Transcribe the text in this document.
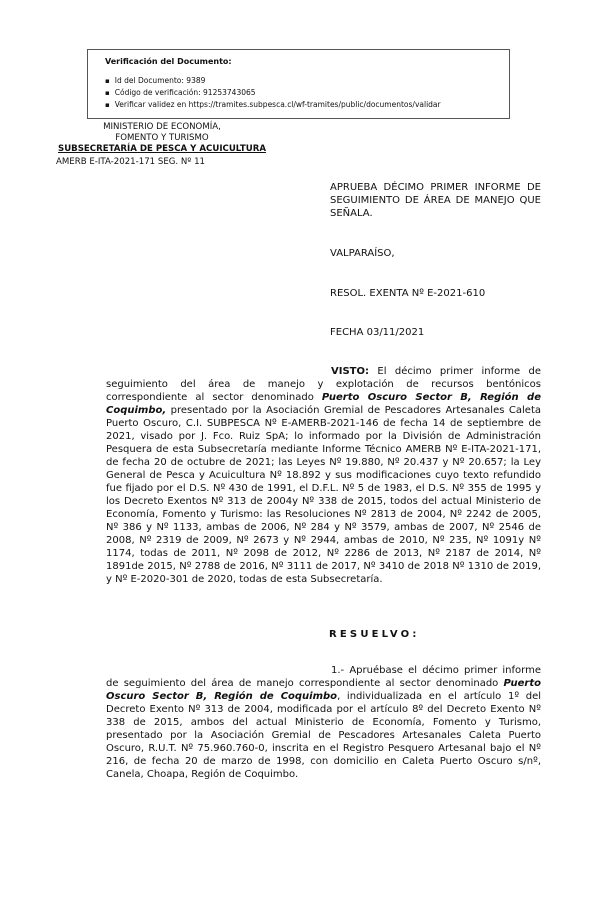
Verificación del Documento:

▪ Id del Documento: 9389
▪ Código de verificación: 91253743065
▪ Verificar validez en https://tramites.subpesca.cl/wf-tramites/public/documentos/validar
MINISTERIO DE ECONOMÍA,
FOMENTO Y TURISMO
SUBSECRETARÍA DE PESCA Y ACUICULTURA
AMERB E-ITA-2021-171 SEG. Nº 11
APRUEBA DÉCIMO PRIMER INFORME DE SEGUIMIENTO DE ÁREA DE MANEJO QUE SEÑALA.
VALPARAÍSO,
RESOL. EXENTA Nº E-2021-610
FECHA 03/11/2021
VISTO: El décimo primer informe de seguimiento del área de manejo y explotación de recursos bentónicos correspondiente al sector denominado Puerto Oscuro Sector B, Región de Coquimbo, presentado por la Asociación Gremial de Pescadores Artesanales Caleta Puerto Oscuro, C.I. SUBPESCA Nº E-AMERB-2021-146 de fecha 14 de septiembre de 2021, visado por J. Fco. Ruiz SpA; lo informado por la División de Administración Pesquera de esta Subsecretaría mediante Informe Técnico AMERB Nº E-ITA-2021-171, de fecha 20 de octubre de 2021; las Leyes Nº 19.880, Nº 20.437 y Nº 20.657; la Ley General de Pesca y Acuicultura Nº 18.892 y sus modificaciones cuyo texto refundido fue fijado por el D.S. Nº 430 de 1991, el D.F.L. Nº 5 de 1983, el D.S. Nº 355 de 1995 y los Decreto Exentos Nº 313 de 2004y Nº 338 de 2015, todos del actual Ministerio de Economía, Fomento y Turismo: las Resoluciones Nº 2813 de 2004, Nº 2242 de 2005, Nº 386 y Nº 1133, ambas de 2006, Nº 284 y Nº 3579, ambas de 2007, Nº 2546 de 2008, Nº 2319 de 2009, Nº 2673 y Nº 2944, ambas de 2010, Nº 235, Nº 1091y Nº 1174, todas de 2011, Nº 2098 de 2012, Nº 2286 de 2013, Nº 2187 de 2014, Nº 1891de 2015, Nº 2788 de 2016, Nº 3111 de 2017, Nº 3410 de 2018 Nº 1310 de 2019, y Nº E-2020-301 de 2020, todas de esta Subsecretaría.
RESUELVO:
1.- Apruébase el décimo primer informe de seguimiento del área de manejo correspondiente al sector denominado Puerto Oscuro Sector B, Región de Coquimbo, individualizada en el artículo 1º del Decreto Exento Nº 313 de 2004, modificada por el artículo 8º del Decreto Exento Nº 338 de 2015, ambos del actual Ministerio de Economía, Fomento y Turismo, presentado por la Asociación Gremial de Pescadores Artesanales Caleta Puerto Oscuro, R.U.T. Nº 75.960.760-0, inscrita en el Registro Pesquero Artesanal bajo el Nº 216, de fecha 20 de marzo de 1998, con domicilio en Caleta Puerto Oscuro s/nº, Canela, Choapa, Región de Coquimbo.
